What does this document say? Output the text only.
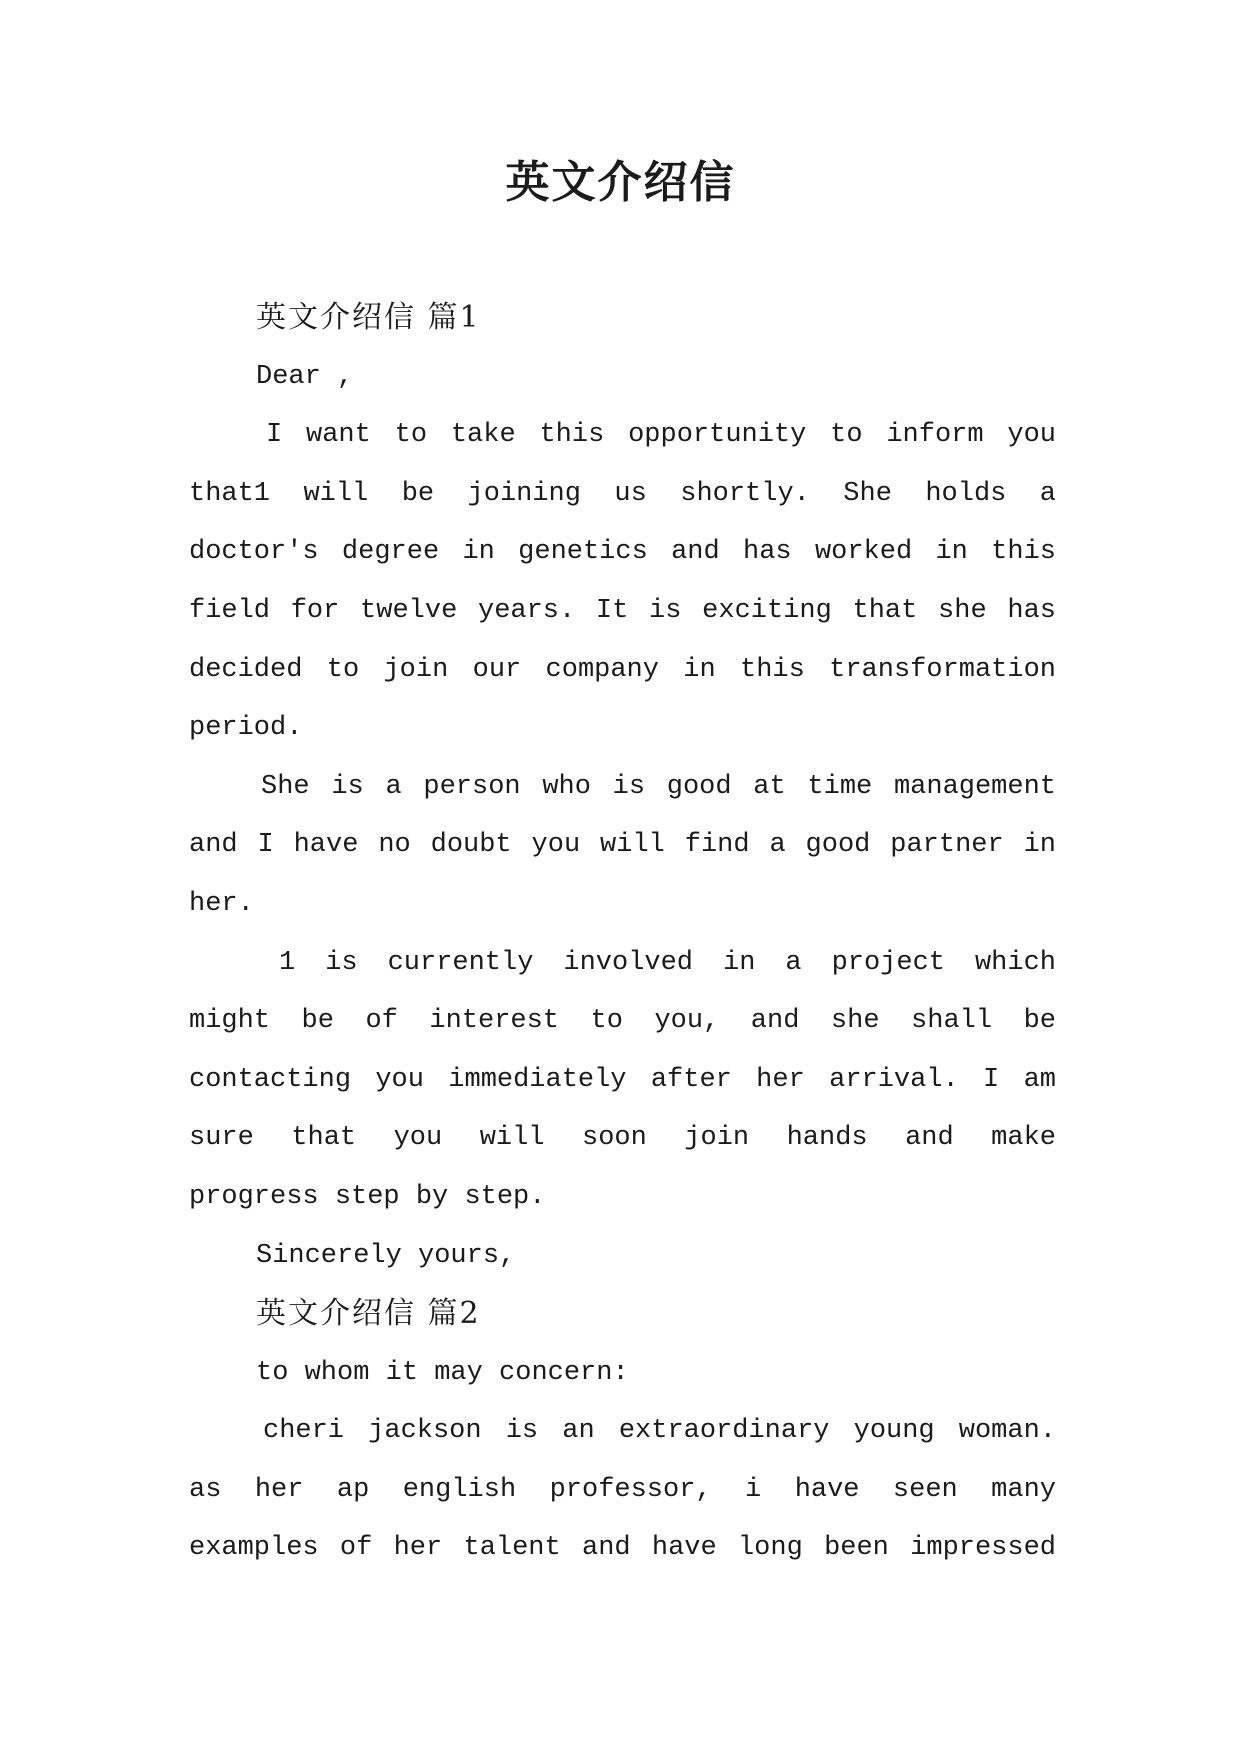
英文介绍信
英文介绍信 篇1
Dear ,
I want to take this opportunity to inform you
that1 will be joining us shortly. She holds a
doctor's degree in genetics and has worked in this
field for twelve years. It is exciting that she has
decided to join our company in this transformation
period.
She is a person who is good at time management
and I have no doubt you will find a good partner in
her.
1 is currently involved in a project which
might be of interest to you, and she shall be
contacting you immediately after her arrival. I am
sure that you will soon join hands and make
progress step by step.
Sincerely yours,
英文介绍信 篇2
to whom it may concern:
cheri jackson is an extraordinary young woman.
as her ap english professor, i have seen many
examples of her talent and have long been impressed
